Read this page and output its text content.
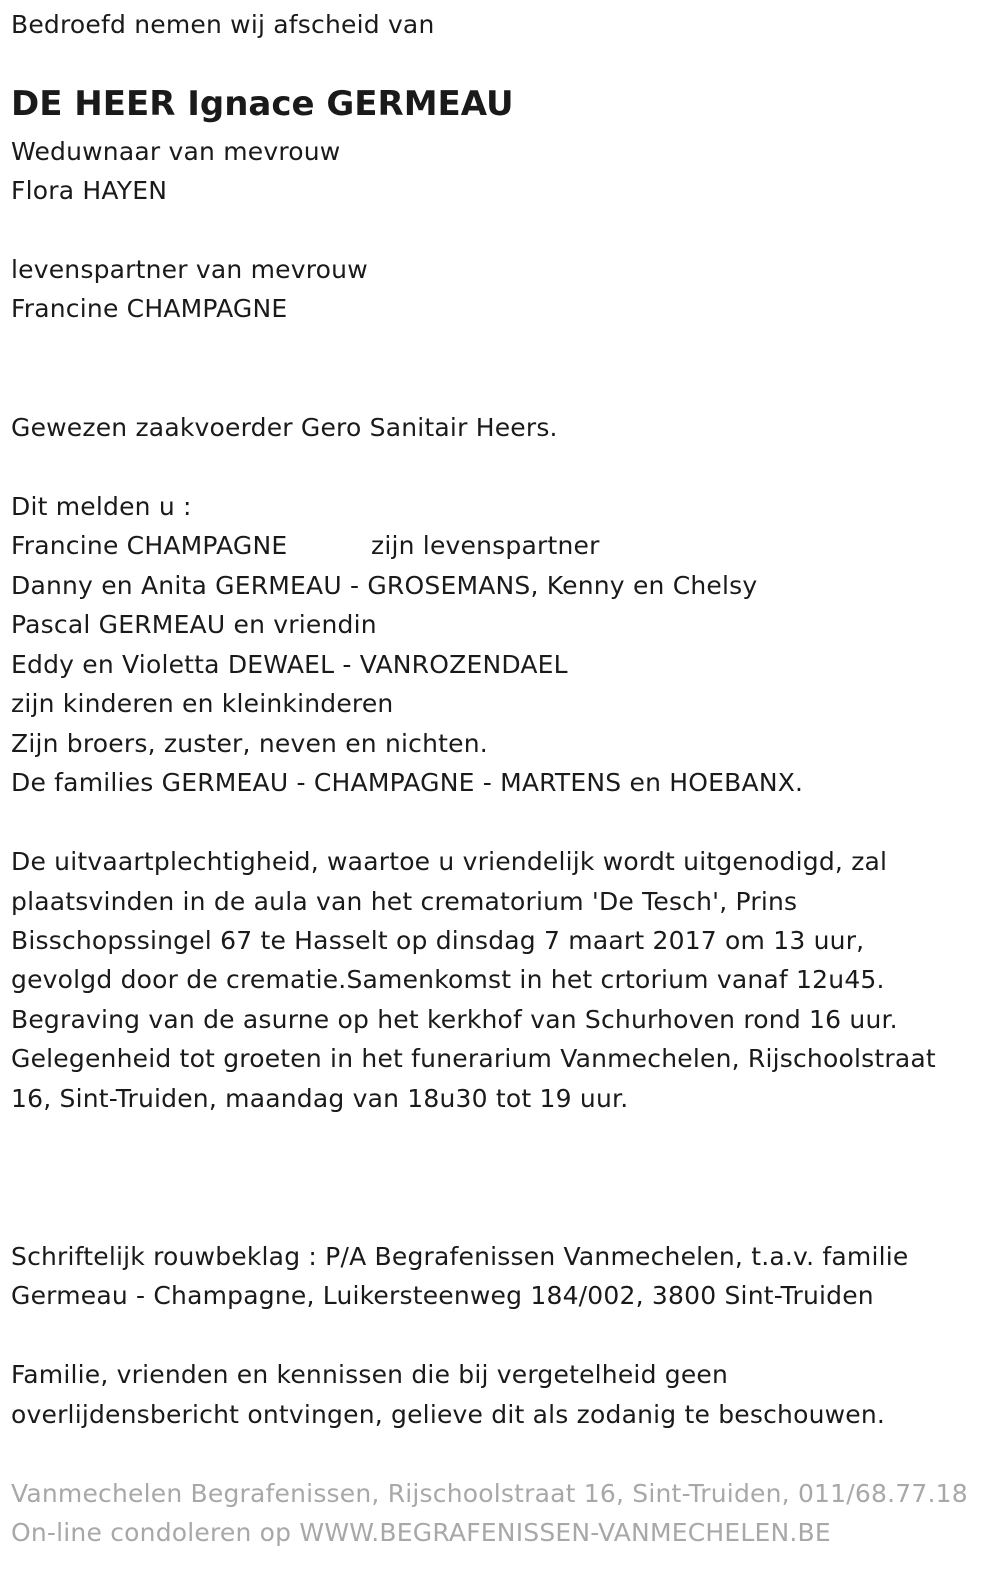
Bedroefd nemen wij afscheid van
DE HEER Ignace GERMEAU
Weduwnaar van mevrouw
Flora HAYEN
levenspartner van mevrouw
Francine CHAMPAGNE
Gewezen zaakvoerder Gero Sanitair Heers.
Dit melden u :
Francine CHAMPAGNE	zijn levenspartner
Danny en Anita GERMEAU - GROSEMANS, Kenny en Chelsy
Pascal GERMEAU en vriendin
Eddy en Violetta DEWAEL - VANROZENDAEL
zijn kinderen en kleinkinderen
Zijn broers, zuster, neven en nichten.
De families GERMEAU - CHAMPAGNE - MARTENS en HOEBANX.
De uitvaartplechtigheid, waartoe u vriendelijk wordt uitgenodigd, zal
plaatsvinden in de aula van het crematorium 'De Tesch', Prins
Bisschopssingel 67 te Hasselt op dinsdag 7 maart 2017 om 13 uur,
gevolgd door de crematie.Samenkomst in het crtorium vanaf 12u45.
Begraving van de asurne op het kerkhof van Schurhoven rond 16 uur.
Gelegenheid tot groeten in het funerarium Vanmechelen, Rijschoolstraat
16, Sint-Truiden, maandag van 18u30 tot 19 uur.
Schriftelijk rouwbeklag : P/A Begrafenissen Vanmechelen, t.a.v. familie
Germeau - Champagne, Luikersteenweg 184/002, 3800 Sint-Truiden
Familie, vrienden en kennissen die bij vergetelheid geen
overlijdensbericht ontvingen, gelieve dit als zodanig te beschouwen.
Vanmechelen Begrafenissen, Rijschoolstraat 16, Sint-Truiden, 011/68.77.18
On-line condoleren op WWW.BEGRAFENISSEN-VANMECHELEN.BE
